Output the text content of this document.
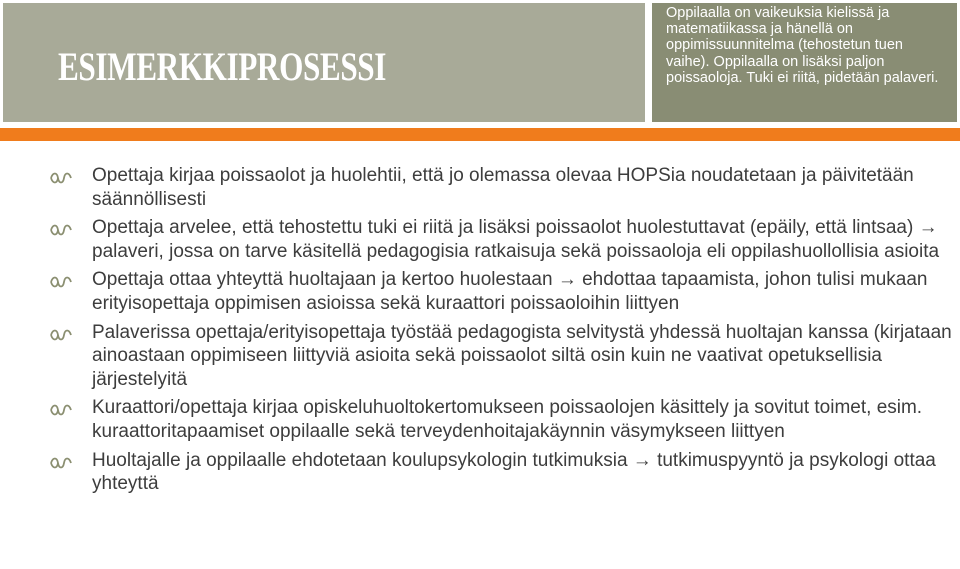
ESIMERKKIPROSESSI

Oppilaalla on vaikeuksia kielissä ja matematiikassa ja hänellä on oppimissuunnitelma (tehostetun tuen vaihe). Oppilaalla on lisäksi paljon poissaoloja. Tuki ei riitä, pidetään palaveri.

Opettaja kirjaa poissaolot ja huolehtii, että jo olemassa olevaa HOPSia noudatetaan ja päivitetään säännöllisesti
Opettaja arvelee, että tehostettu tuki ei riitä ja lisäksi poissaolot huolestuttavat (epäily, että lintsaa) → palaveri, jossa on tarve käsitellä pedagogisia ratkaisuja sekä poissaoloja eli oppilashuollollisia asioita
Opettaja ottaa yhteyttä huoltajaan ja kertoo huolestaan → ehdottaa tapaamista, johon tulisi mukaan erityisopettaja oppimisen asioissa sekä kuraattori poissaoloihin liittyen
Palaverissa opettaja/erityisopettaja työstää pedagogista selvitystä yhdessä huoltajan kanssa (kirjataan ainoastaan oppimiseen liittyviä asioita sekä poissaolot siltä osin kuin ne vaativat opetuksellisia järjestelyitä
Kuraattori/opettaja kirjaa opiskeluhuoltokertomukseen poissaolojen käsittely ja sovitut toimet, esim. kuraattoritapaamiset oppilaalle sekä terveydenhoitajakäynnin väsymykseen liittyen
Huoltajalle ja oppilaalle ehdotetaan koulupsykologin tutkimuksia → tutkimuspyyntö ja psykologi ottaa yhteyttä
